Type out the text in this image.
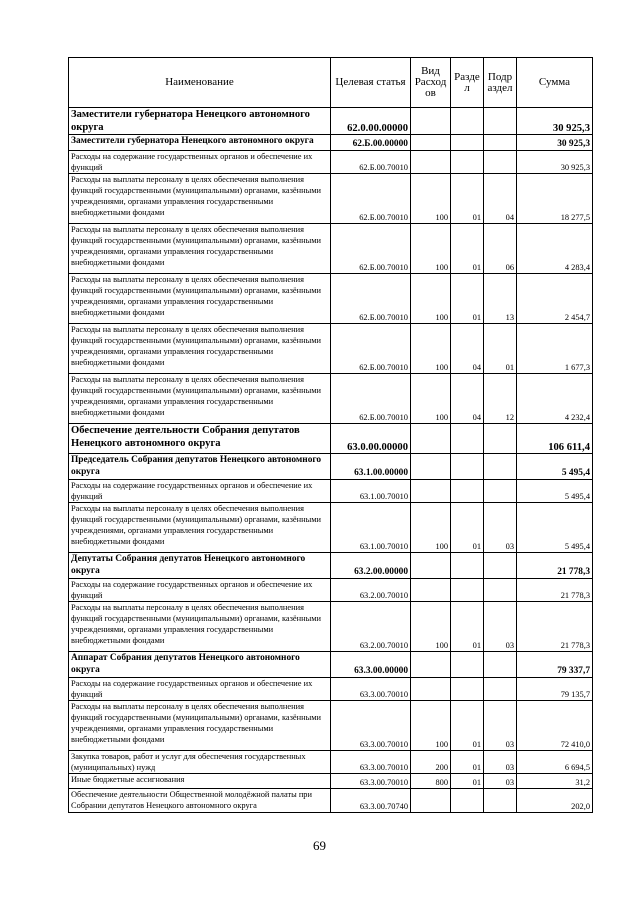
Наименование	Целевая статья	Вид Расход ов	Разде л	Подр аздел	Сумма
Заместители губернатора Ненецкого автономного округа	62.0.00.00000				30 925,3
Заместители губернатора Ненецкого автономного округа	62.Б.00.00000				30 925,3
Расходы на содержание государственных органов и обеспечение их функций	62.Б.00.70010				30 925,3
Расходы на выплаты персоналу в целях обеспечения выполнения функций государственными (муниципальными) органами, казёнными учреждениями, органами управления государственными внебюджетными фондами	62.Б.00.70010	100	01	04	18 277,5
Расходы на выплаты персоналу в целях обеспечения выполнения функций государственными (муниципальными) органами, казёнными учреждениями, органами управления государственными внебюджетными фондами	62.Б.00.70010	100	01	06	4 283,4
Расходы на выплаты персоналу в целях обеспечения выполнения функций государственными (муниципальными) органами, казёнными учреждениями, органами управления государственными внебюджетными фондами	62.Б.00.70010	100	01	13	2 454,7
Расходы на выплаты персоналу в целях обеспечения выполнения функций государственными (муниципальными) органами, казёнными учреждениями, органами управления государственными внебюджетными фондами	62.Б.00.70010	100	04	01	1 677,3
Расходы на выплаты персоналу в целях обеспечения выполнения функций государственными (муниципальными) органами, казёнными учреждениями, органами управления государственными внебюджетными фондами	62.Б.00.70010	100	04	12	4 232,4
Обеспечение деятельности Собрания депутатов Ненецкого автономного округа	63.0.00.00000				106 611,4
Председатель Собрания депутатов Ненецкого автономного округа	63.1.00.00000				5 495,4
Расходы на содержание государственных органов и обеспечение их функций	63.1.00.70010				5 495,4
Расходы на выплаты персоналу в целях обеспечения выполнения функций государственными (муниципальными) органами, казёнными учреждениями, органами управления государственными внебюджетными фондами	63.1.00.70010	100	01	03	5 495,4
Депутаты Собрания депутатов Ненецкого автономного округа	63.2.00.00000				21 778,3
Расходы на содержание государственных органов и обеспечение их функций	63.2.00.70010				21 778,3
Расходы на выплаты персоналу в целях обеспечения выполнения функций государственными (муниципальными) органами, казёнными учреждениями, органами управления государственными внебюджетными фондами	63.2.00.70010	100	01	03	21 778,3
Аппарат Собрания депутатов Ненецкого автономного округа	63.3.00.00000				79 337,7
Расходы на содержание государственных органов и обеспечение их функций	63.3.00.70010				79 135,7
Расходы на выплаты персоналу в целях обеспечения выполнения функций государственными (муниципальными) органами, казёнными учреждениями, органами управления государственными внебюджетными фондами	63.3.00.70010	100	01	03	72 410,0
Закупка товаров, работ и услуг для обеспечения государственных (муниципальных) нужд	63.3.00.70010	200	01	03	6 694,5
Иные бюджетные ассигнования	63.3.00.70010	800	01	03	31,2
Обеспечение деятельности Общественной молодёжной палаты при Собрании депутатов Ненецкого автономного округа	63.3.00.70740				202,0
69
